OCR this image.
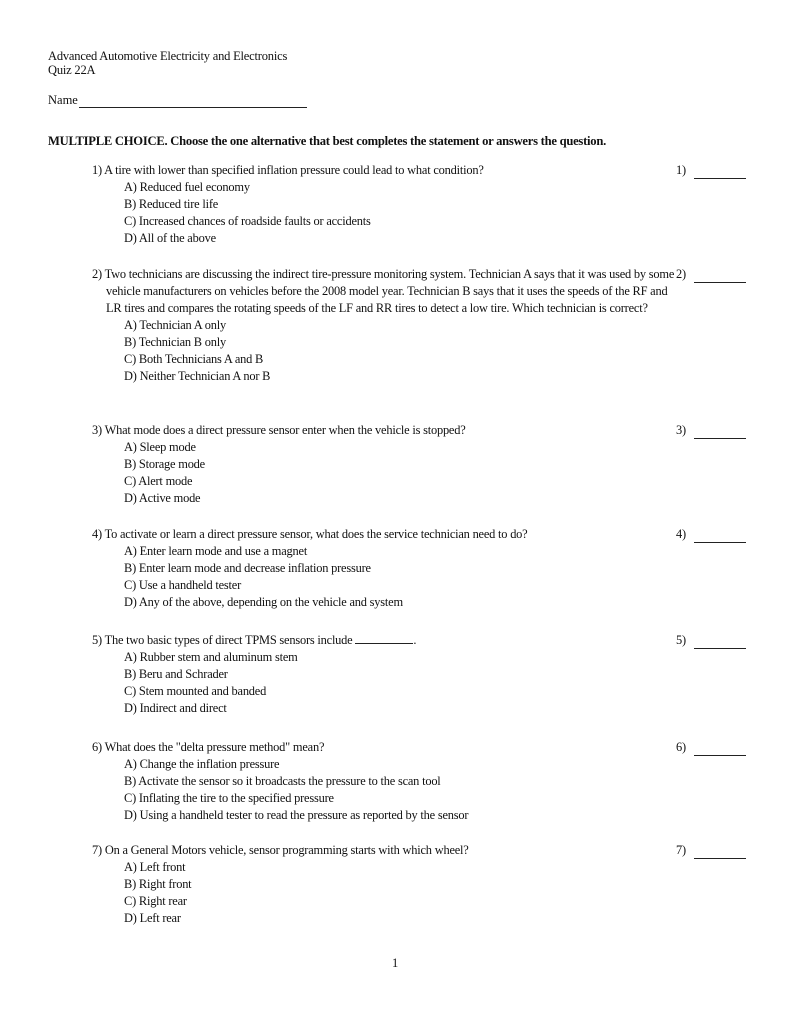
Advanced Automotive Electricity and Electronics
Quiz 22A
Name
MULTIPLE CHOICE. Choose the one alternative that best completes the statement or answers the question.
1) A tire with lower than specified inflation pressure could lead to what condition?	1)
A) Reduced fuel economy
B) Reduced tire life
C) Increased chances of roadside faults or accidents
D) All of the above
2) Two technicians are discussing the indirect tire-pressure monitoring system. Technician A says that it was used by some vehicle manufacturers on vehicles before the 2008 model year. Technician B says that it uses the speeds of the RF and LR tires and compares the rotating speeds of the LF and RR tires to detect a low tire. Which technician is correct?
2)
A) Technician A only
B) Technician B only
C) Both Technicians A and B
D) Neither Technician A nor B
3) What mode does a direct pressure sensor enter when the vehicle is stopped?	3)
A) Sleep mode
B) Storage mode
C) Alert mode
D) Active mode
4) To activate or learn a direct pressure sensor, what does the service technician need to do?	4)
A) Enter learn mode and use a magnet
B) Enter learn mode and decrease inflation pressure
C) Use a handheld tester
D) Any of the above, depending on the vehicle and system
5) The two basic types of direct TPMS sensors include	.	5)
A) Rubber stem and aluminum stem
B) Beru and Schrader
C) Stem mounted and banded
D) Indirect and direct
6) What does the "delta pressure method" mean?	6)
A) Change the inflation pressure
B) Activate the sensor so it broadcasts the pressure to the scan tool
C) Inflating the tire to the specified pressure
D) Using a handheld tester to read the pressure as reported by the sensor
7) On a General Motors vehicle, sensor programming starts with which wheel?	7)
A) Left front
B) Right front
C) Right rear
D) Left rear
1
